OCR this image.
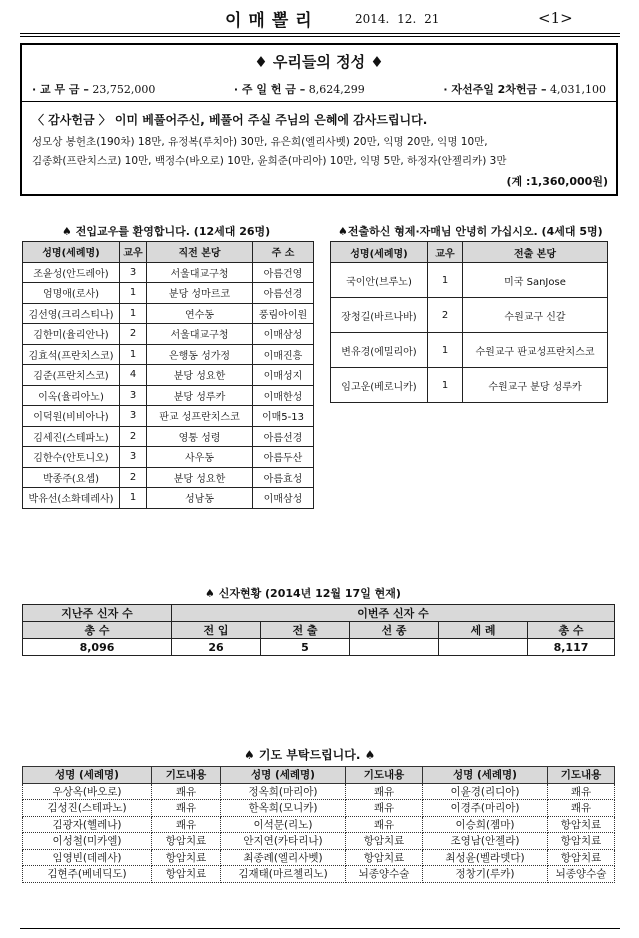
이매뽈리	2014. 12. 21	<1>
♦ 우리들의 정성 ♦
· 교 무 금 – 23,752,000	· 주 일 헌 금 – 8,624,299	· 자선주일 2차헌금 – 4,031,100
〈 감사헌금 〉 이미 베풀어주신, 베풀어 주실 주님의 은혜에 감사드립니다.
성모상 봉헌초(190차) 18만, 유정복(루치아) 30만, 유은희(엘리사벳) 20만, 익명 20만, 익명 10만,
김종화(프란치스코) 10만, 백정수(바오로) 10만, 윤희준(마리아) 10만, 익명 5만, 하정자(안젤리카) 3만
(계 :1,360,000원)
♠ 전입교우를 환영합니다. (12세대 26명)
성명(세례명)	교우	직전 본당	주 소
조윤성(안드레아)	3	서울대교구청	아름건영
엄명애(로사)	1	분당 성마르코	아름선경
김선영(크리스티나)	1	연수동	풍림아이원
김한미(율리안나)	2	서울대교구청	이매삼성
김효석(프란치스코)	1	은행동 성가정	이매진흥
김준(프란치스코)	4	분당 성요한	이매성지
이옥(율리아노)	3	분당 성루카	이매한성
이덕원(비비아나)	3	판교 성프란치스코	이매5-13
김세진(스테파노)	2	영통 성령	아름선경
김한수(안토니오)	3	사우동	아름두산
박종주(요셉)	2	분당 성요한	아름효성
박유선(소화데레사)	1	성남동	이매삼성
♠전출하신 형제·자매님 안녕히 가십시오. (4세대 5명)
성명(세례명)	교우	전출 본당
국이안(브루노)	1	미국 SanJose
장청길(바르나바)	2	수원교구 신갈
변유경(에밀리아)	1	수원교구 판교성프란치스코
임고운(베로니카)	1	수원교구 분당 성루카
♠ 신자현황 (2014년 12월 17일 현재)
지난주 신자 수	이번주 신자 수				
총 수	전 입	전 출	선 종	세 례	총 수
8,096	26	5			8,117
♠ 기도 부탁드립니다. ♠
성명 (세례명)	기도내용	성명 (세례명)	기도내용	성명 (세례명)	기도내용
우상옥(바오로)	쾌유	정옥희(마리아)	쾌유	이윤경(리디아)	쾌유
김성진(스테파노)	쾌유	한옥희(모니카)	쾌유	이경주(마리아)	쾌유
김광자(헬레나)	쾌유	이석문(리노)	쾌유	이승희(젬마)	항암치료
이성철(미카엘)	항암치료	안지연(카타리나)	항암치료	조영남(안젤라)	항암치료
임영빈(데레사)	항암치료	최종례(엘리사벳)	항암치료	최성윤(벨라뎃다)	항암치료
김현주(베네딕도)	항암치료	김재태(마르첼리노)	뇌종양수술	정창기(루카)	뇌종양수술
